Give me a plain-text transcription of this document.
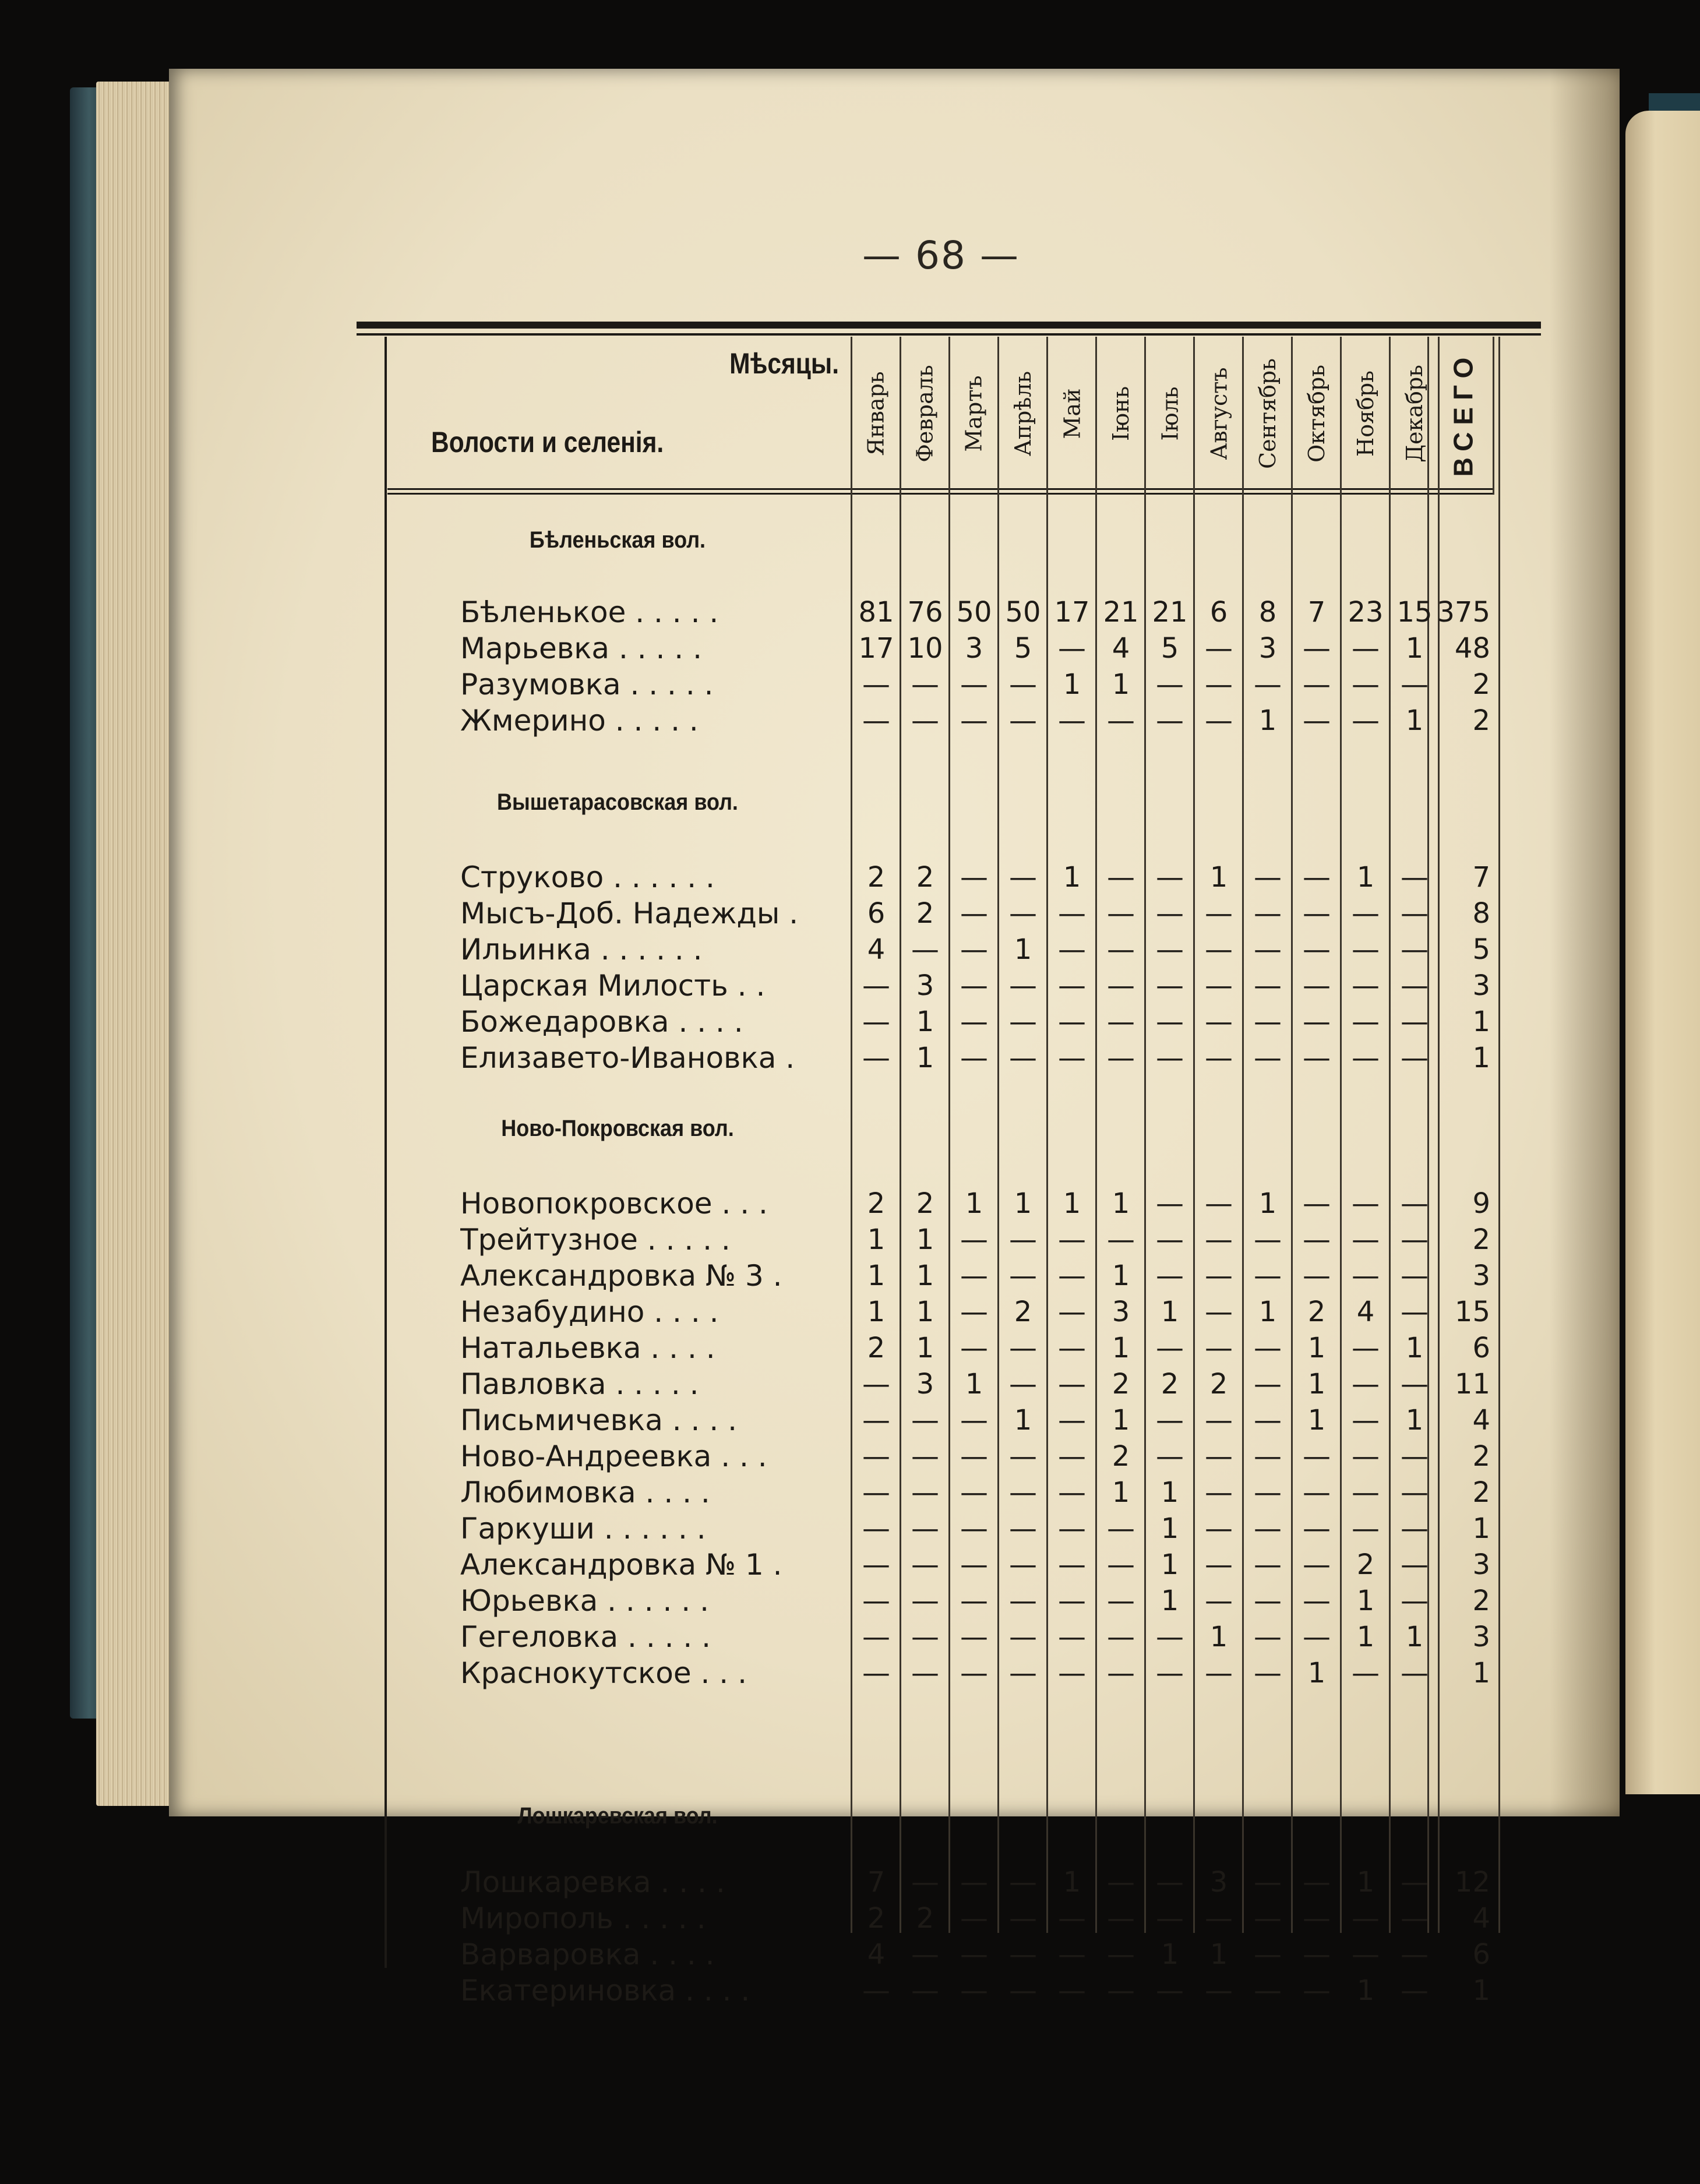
— 68 —
Мѣсяцы.
Волости и селенія.	Январь Февраль Мартъ Апрѣль Май Іюнь Іюль Августъ Сентябрь Октябрь Ноябрь Декабрь ВСЕГО
Бѣленьская вол.
Бѣленькое . . . . .	81 76 50 50 17 21 21 6	8	7 23 15 375
Марьевка . . . . .	17 10 3	5 — 4	5 — 3 — — 1	48
Разумовка . . . . .	— — — — 1	1 — — — — — —	2
Жмерино . . . . .	— — — — — — — — 1 — — 1	2
Вышетарасовская вол.
Струково . . . . . .	2	2 — — 1 — — 1 — — 1 —	7
Мысъ-Доб. Надежды .	6	2 — — — — — — — — — —	8
Ильинка . . . . . .	4 — — 1 — — — — — — — —	5
Царская Милость . .	— 3 — — — — — — — — — —	3
Божедаровка . . . .	— 1 — — — — — — — — — —	1
Елизавето-Ивановка .	— 1 — — — — — — — — — —	1
Ново-Покровская вол.
Новопокровское . . .	2	2	1	1	1	1 — — 1 — — —	9
Трейтузное . . . . .	1	1 — — — — — — — — — —	2
Александровка № 3 .	1	1 — — — 1 — — — — — —	3
Незабудино . . . .	1	1 — 2 — 3	1 — 1	2	4 — 15
Натальевка . . . .	2	1 — — — 1 — — — 1 — 1	6
Павловка . . . . .	— 3	1 — — 2	2	2 — 1 — — 11
Письмичевка . . . .	— — — 1 — 1 — — — 1 — 1	4
Ново-Андреевка . . .	— — — — — 2 — — — — — —	2
Любимовка . . . .	— — — — — 1	1 — — — — —	2
Гаркуши . . . . . .	— — — — — — 1 — — — — —	1
Александровка № 1 .	— — — — — — 1 — — — 2 —	3
Юрьевка . . . . . .	— — — — — — 1 — — — 1 —	2
Гегеловка . . . . .	— — — — — — — 1 — — 1	1	3
Краснокутское . . .	— — — — — — — — — 1 — —	1
Лошкаревская вол.
Лошкаревка . . . .	7 — — — 1 — — 3 — — 1 — 12
Мирополь . . . . .	2	2 — — — — — — — — — —	4
Варваровка . . . .	4 — — — — — 1	1 — — — —	6
Екатериновка . . . .	— — — — — — — — — — 1 —	1
